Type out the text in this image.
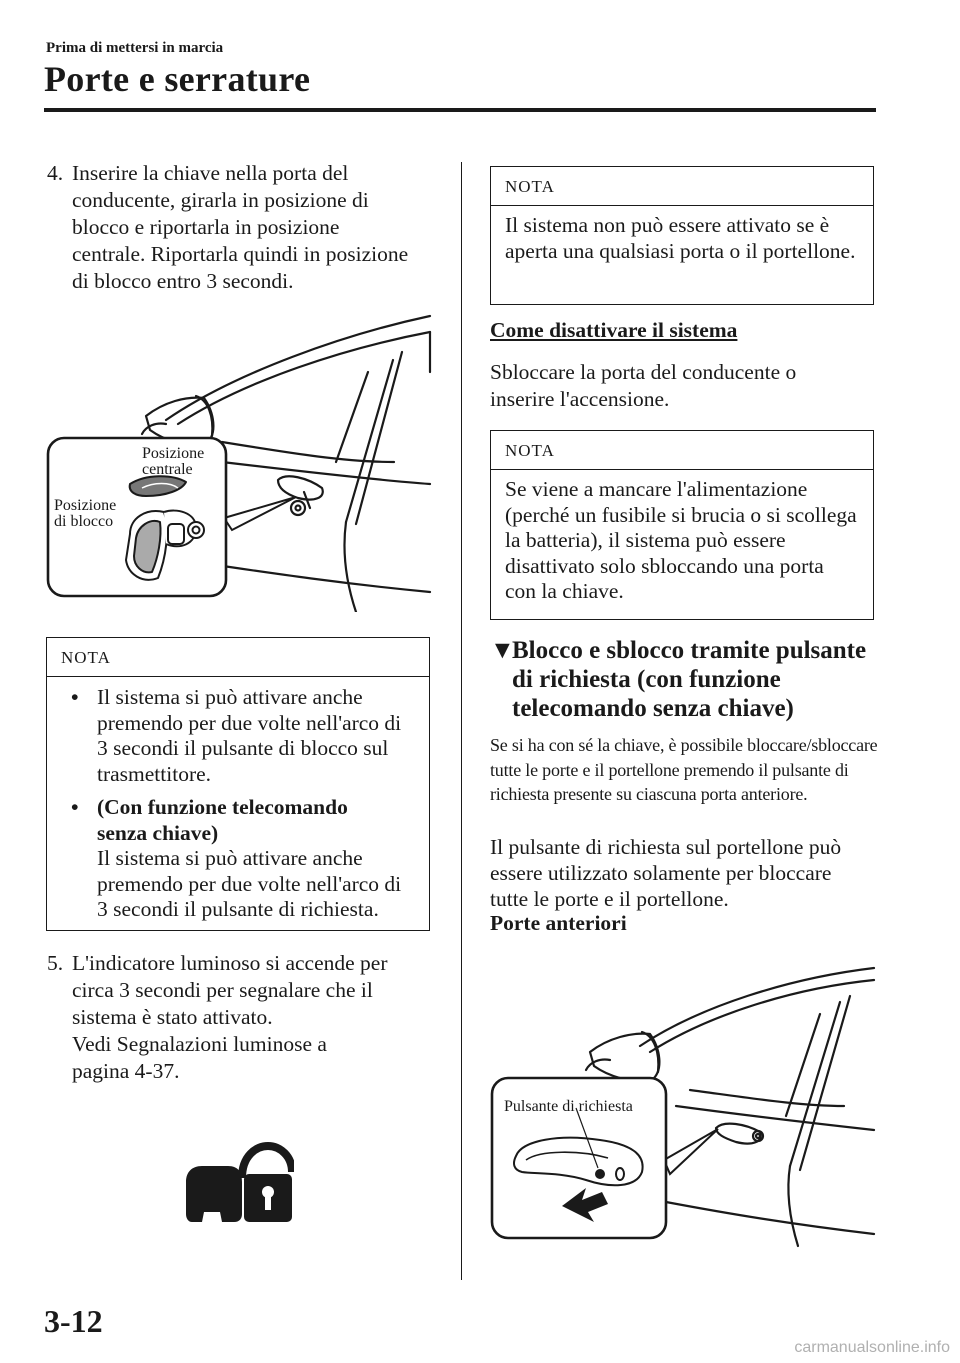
Prima di mettersi in marcia
Porte e serrature
4. Inserire la chiave nella porta del
conducente, girarla in posizione di
blocco e riportarla in posizione
centrale. Riportarla quindi in posizione
di blocco entro 3 secondi.
Posizione
centrale
Posizione
di blocco
NOTA
• Il sistema si può attivare anche premendo per due volte nell'arco di 3 secondi il pulsante di blocco sul trasmettitore.
• (Con funzione telecomando
senza chiave)
Il sistema si può attivare anche premendo per due volte nell'arco di 3 secondi il pulsante di richiesta.
5. L'indicatore luminoso si accende per
circa 3 secondi per segnalare che il
sistema è stato attivato.
Vedi Segnalazioni luminose a
pagina 4-37.
NOTA
Il sistema non può essere attivato se è aperta una qualsiasi porta o il portellone.
Come disattivare il sistema
Sbloccare la porta del conducente o inserire l'accensione.
NOTA
Se viene a mancare l'alimentazione (perché un fusibile si brucia o si scollega la batteria), il sistema può essere disattivato solo sbloccando una porta con la chiave.
▼
Blocco e sblocco tramite pulsante
di richiesta (con funzione
telecomando senza chiave)
Se si ha con sé la chiave, è possibile bloccare/sbloccare tutte le porte e il portellone premendo il pulsante di richiesta presente su ciascuna porta anteriore.
Il pulsante di richiesta sul portellone può essere utilizzato solamente per bloccare tutte le porte e il portellone.
Porte anteriori
Pulsante di richiesta
3-12
carmanualsonline.info
